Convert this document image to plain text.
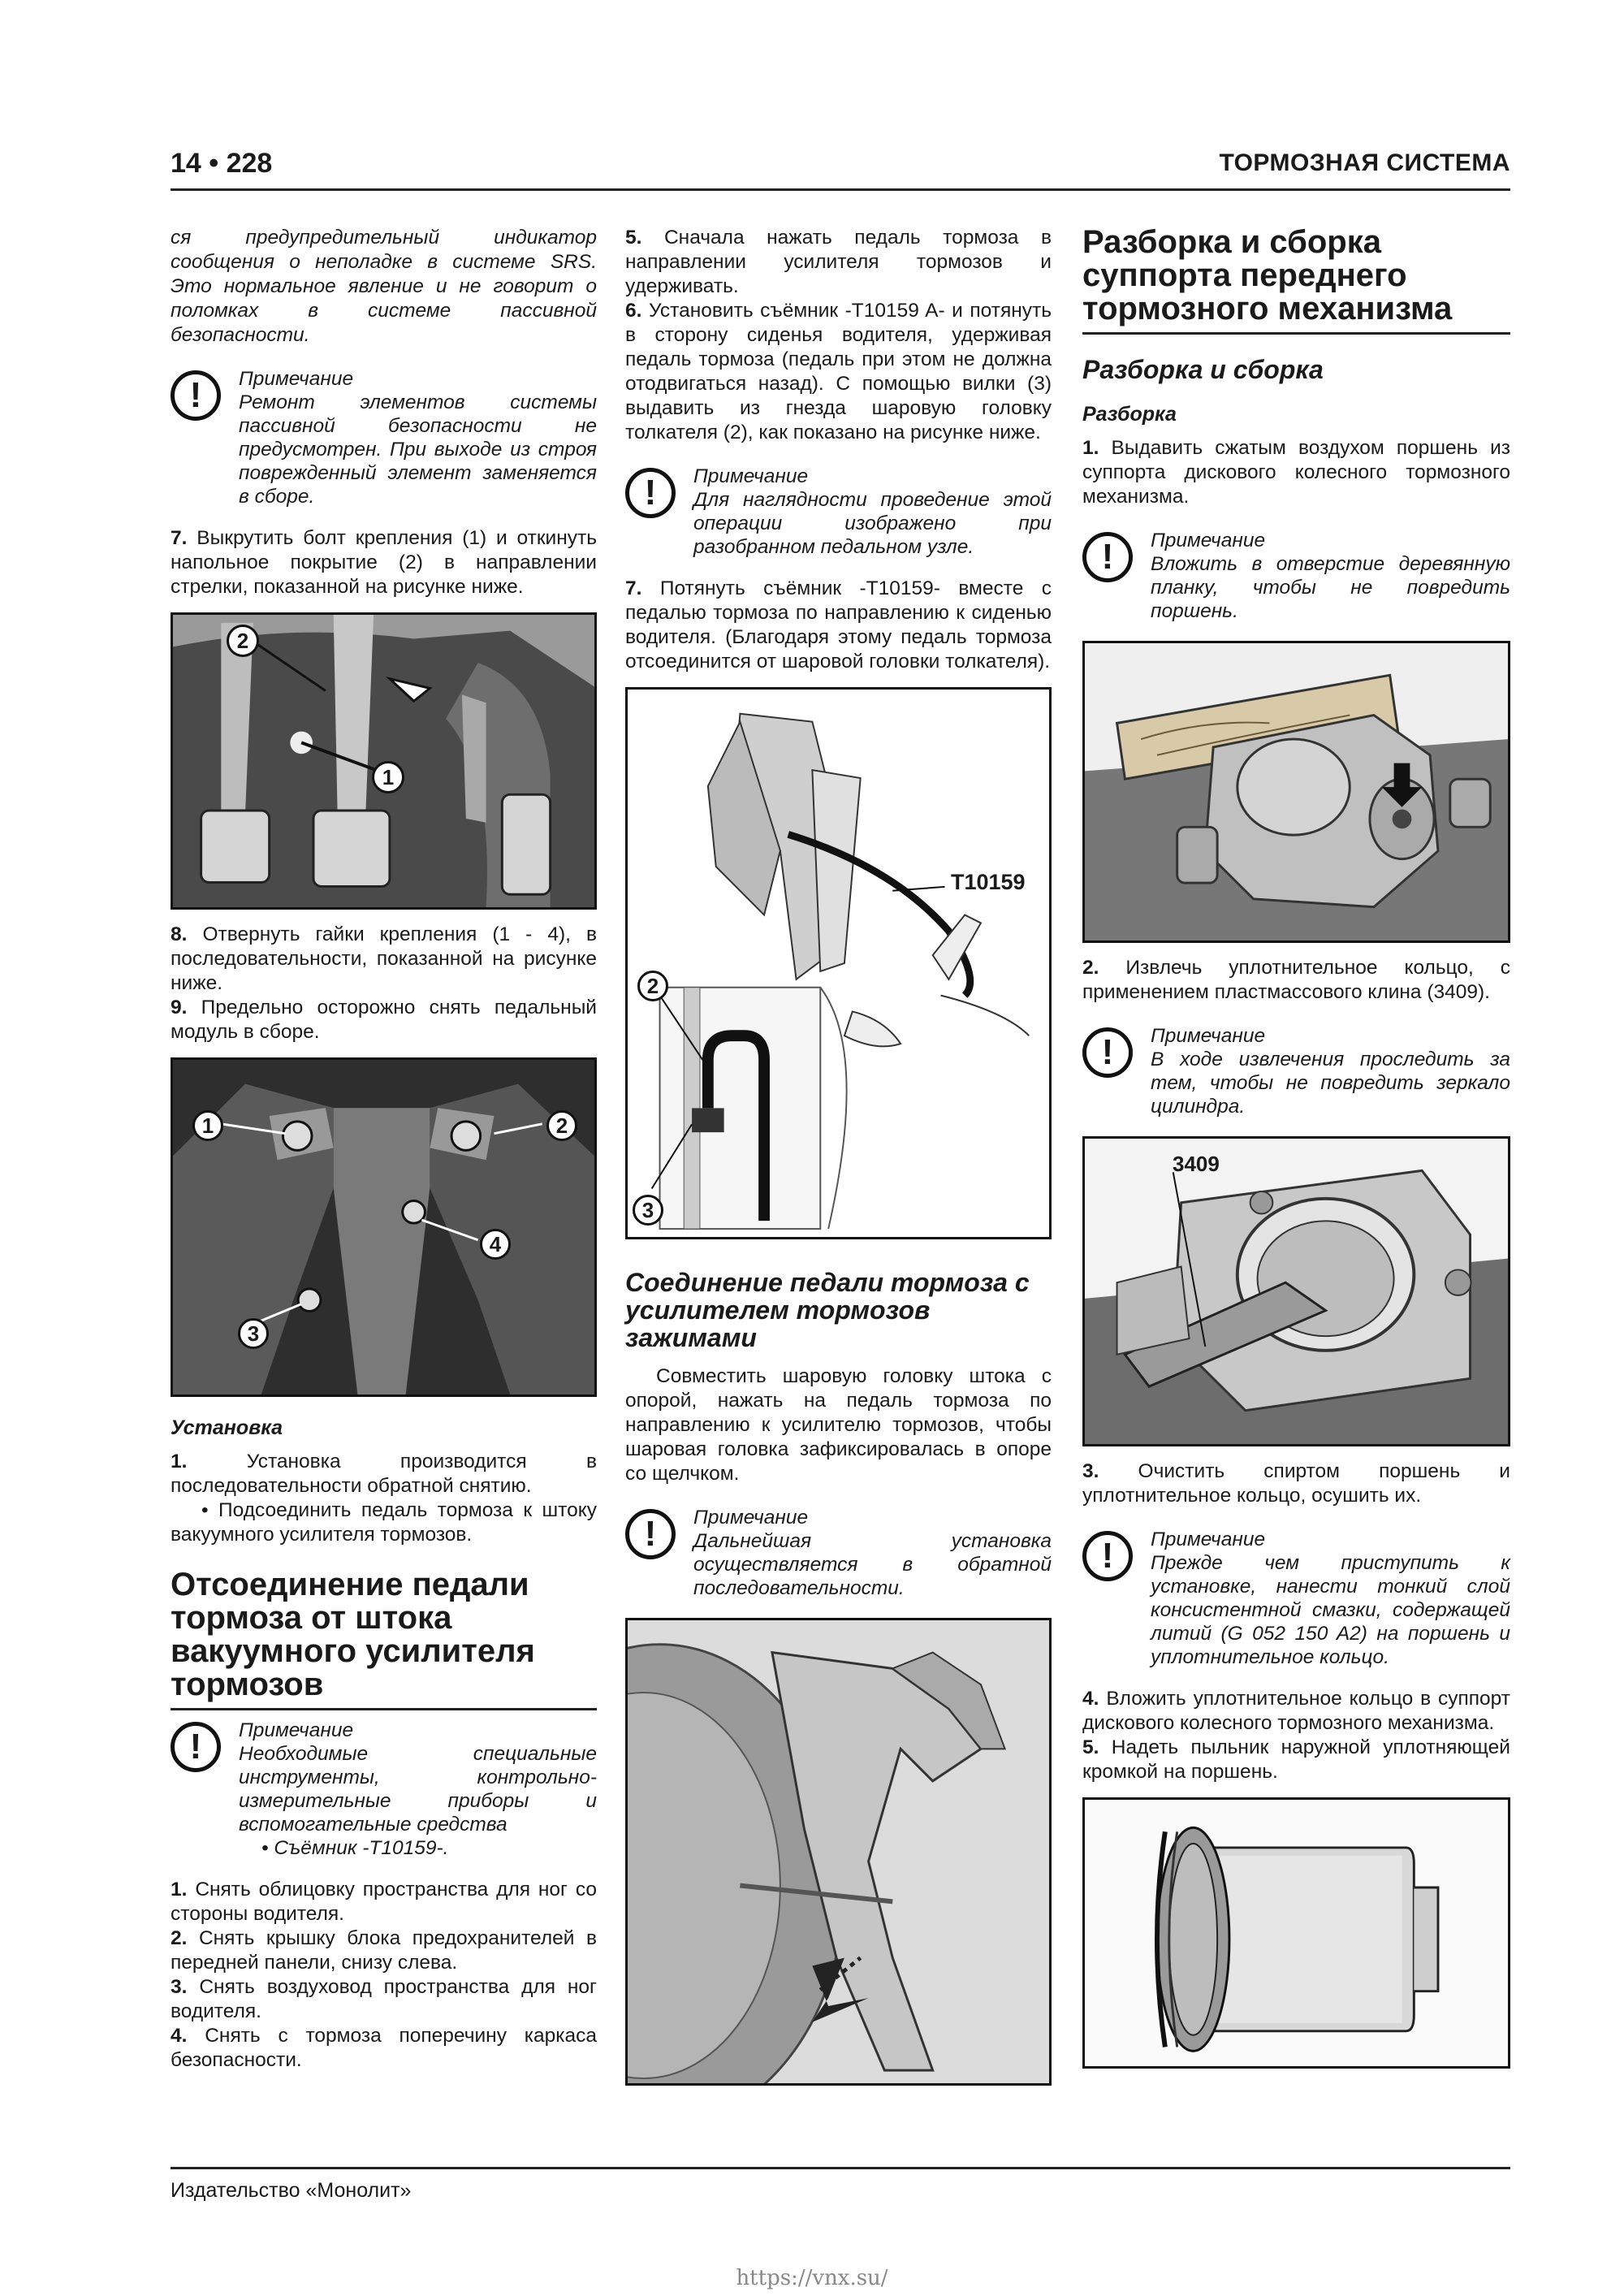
14 • 228	ТОРМОЗНАЯ СИСТЕМА

ся предупредительный индикатор сообщения о неполадке в системе SRS. Это нормальное явление и не говорит о поломках в системе пассивной безопасности.

!	Примечание
Ремонт элементов системы пассивной безопасности не предусмотрен. При выходе из строя поврежденный элемент заменяется в сборе.

7. Выкрутить болт крепления (1) и откинуть напольное покрытие (2) в направлении стрелки, показанной на рисунке ниже.

2
1

8. Отвернуть гайки крепления (1 - 4), в последовательности, показанной на рисунке ниже.

9. Предельно осторожно снять педальный модуль в сборе.

1	2
4
3
Установка

1.	Установка производится в последовательности обратной снятию.

• Подсоединить педаль тормоза к штоку вакуумного усилителя тормозов.

Отсоединение педали тормоза от штока вакуумного усилителя тормозов
!	Примечание
Необходимые специальные инструменты, контрольно-измерительные приборы и вспомогательные средства
• Съёмник -T10159-.

1. Снять облицовку пространства для ног со стороны водителя.

2. Снять крышку блока предохранителей в передней панели, снизу слева.

3. Снять воздуховод пространства для ног водителя.

4. Снять с тормоза поперечину каркаса безопасности.

5. Сначала нажать педаль тормоза в направлении усилителя тормозов и удерживать.

6. Установить съёмник -T10159 A- и потянуть в сторону сиденья водителя, удерживая педаль тормоза (педаль при этом не должна отодвигаться назад). С помощью вилки (3) выдавить из гнезда шаровую головку толкателя (2), как показано на рисунке ниже.

!	Примечание
Для наглядности проведение этой операции изображено при разобранном педальном узле.

7. Потянуть съёмник -T10159- вместе с педалью тормоза по направлению к сиденью водителя. (Благодаря этому педаль тормоза отсоединится от шаровой головки толкателя).

T10159
2
3
Соединение педали тормоза с усилителем тормозов зажимами

Совместить шаровую головку штока с опорой, нажать на педаль тормоза по направлению к усилителю тормозов, чтобы шаровая головка зафиксировалась в опоре со щелчком.

!	Примечание
Дальнейшая установка осуществляется в обратной последовательности.
Разборка и сборка суппорта переднего тормозного механизма
Разборка и сборка
Разборка

1. Выдавить сжатым воздухом поршень из суппорта дискового колесного тормозного механизма.

!	Примечание
Вложить в отверстие деревянную планку, чтобы не повредить поршень.

2. Извлечь уплотнительное кольцо, с применением пластмассового клина (3409).

!	Примечание
В ходе извлечения проследить за тем, чтобы не повредить зеркало цилиндра.
3409

3. Очистить спиртом поршень и уплотнительное кольцо, осушить их.

!	Примечание
Прежде чем приступить к установке, нанести тонкий слой консистентной смазки, содержащей литий (G 052 150 A2) на поршень и уплотнительное кольцо.

4. Вложить уплотнительное кольцо в суппорт дискового колесного тормозного механизма.

5. Надеть пыльник наружной уплотняющей кромкой на поршень.

Издательство «Монолит»
https://vnx.su/
